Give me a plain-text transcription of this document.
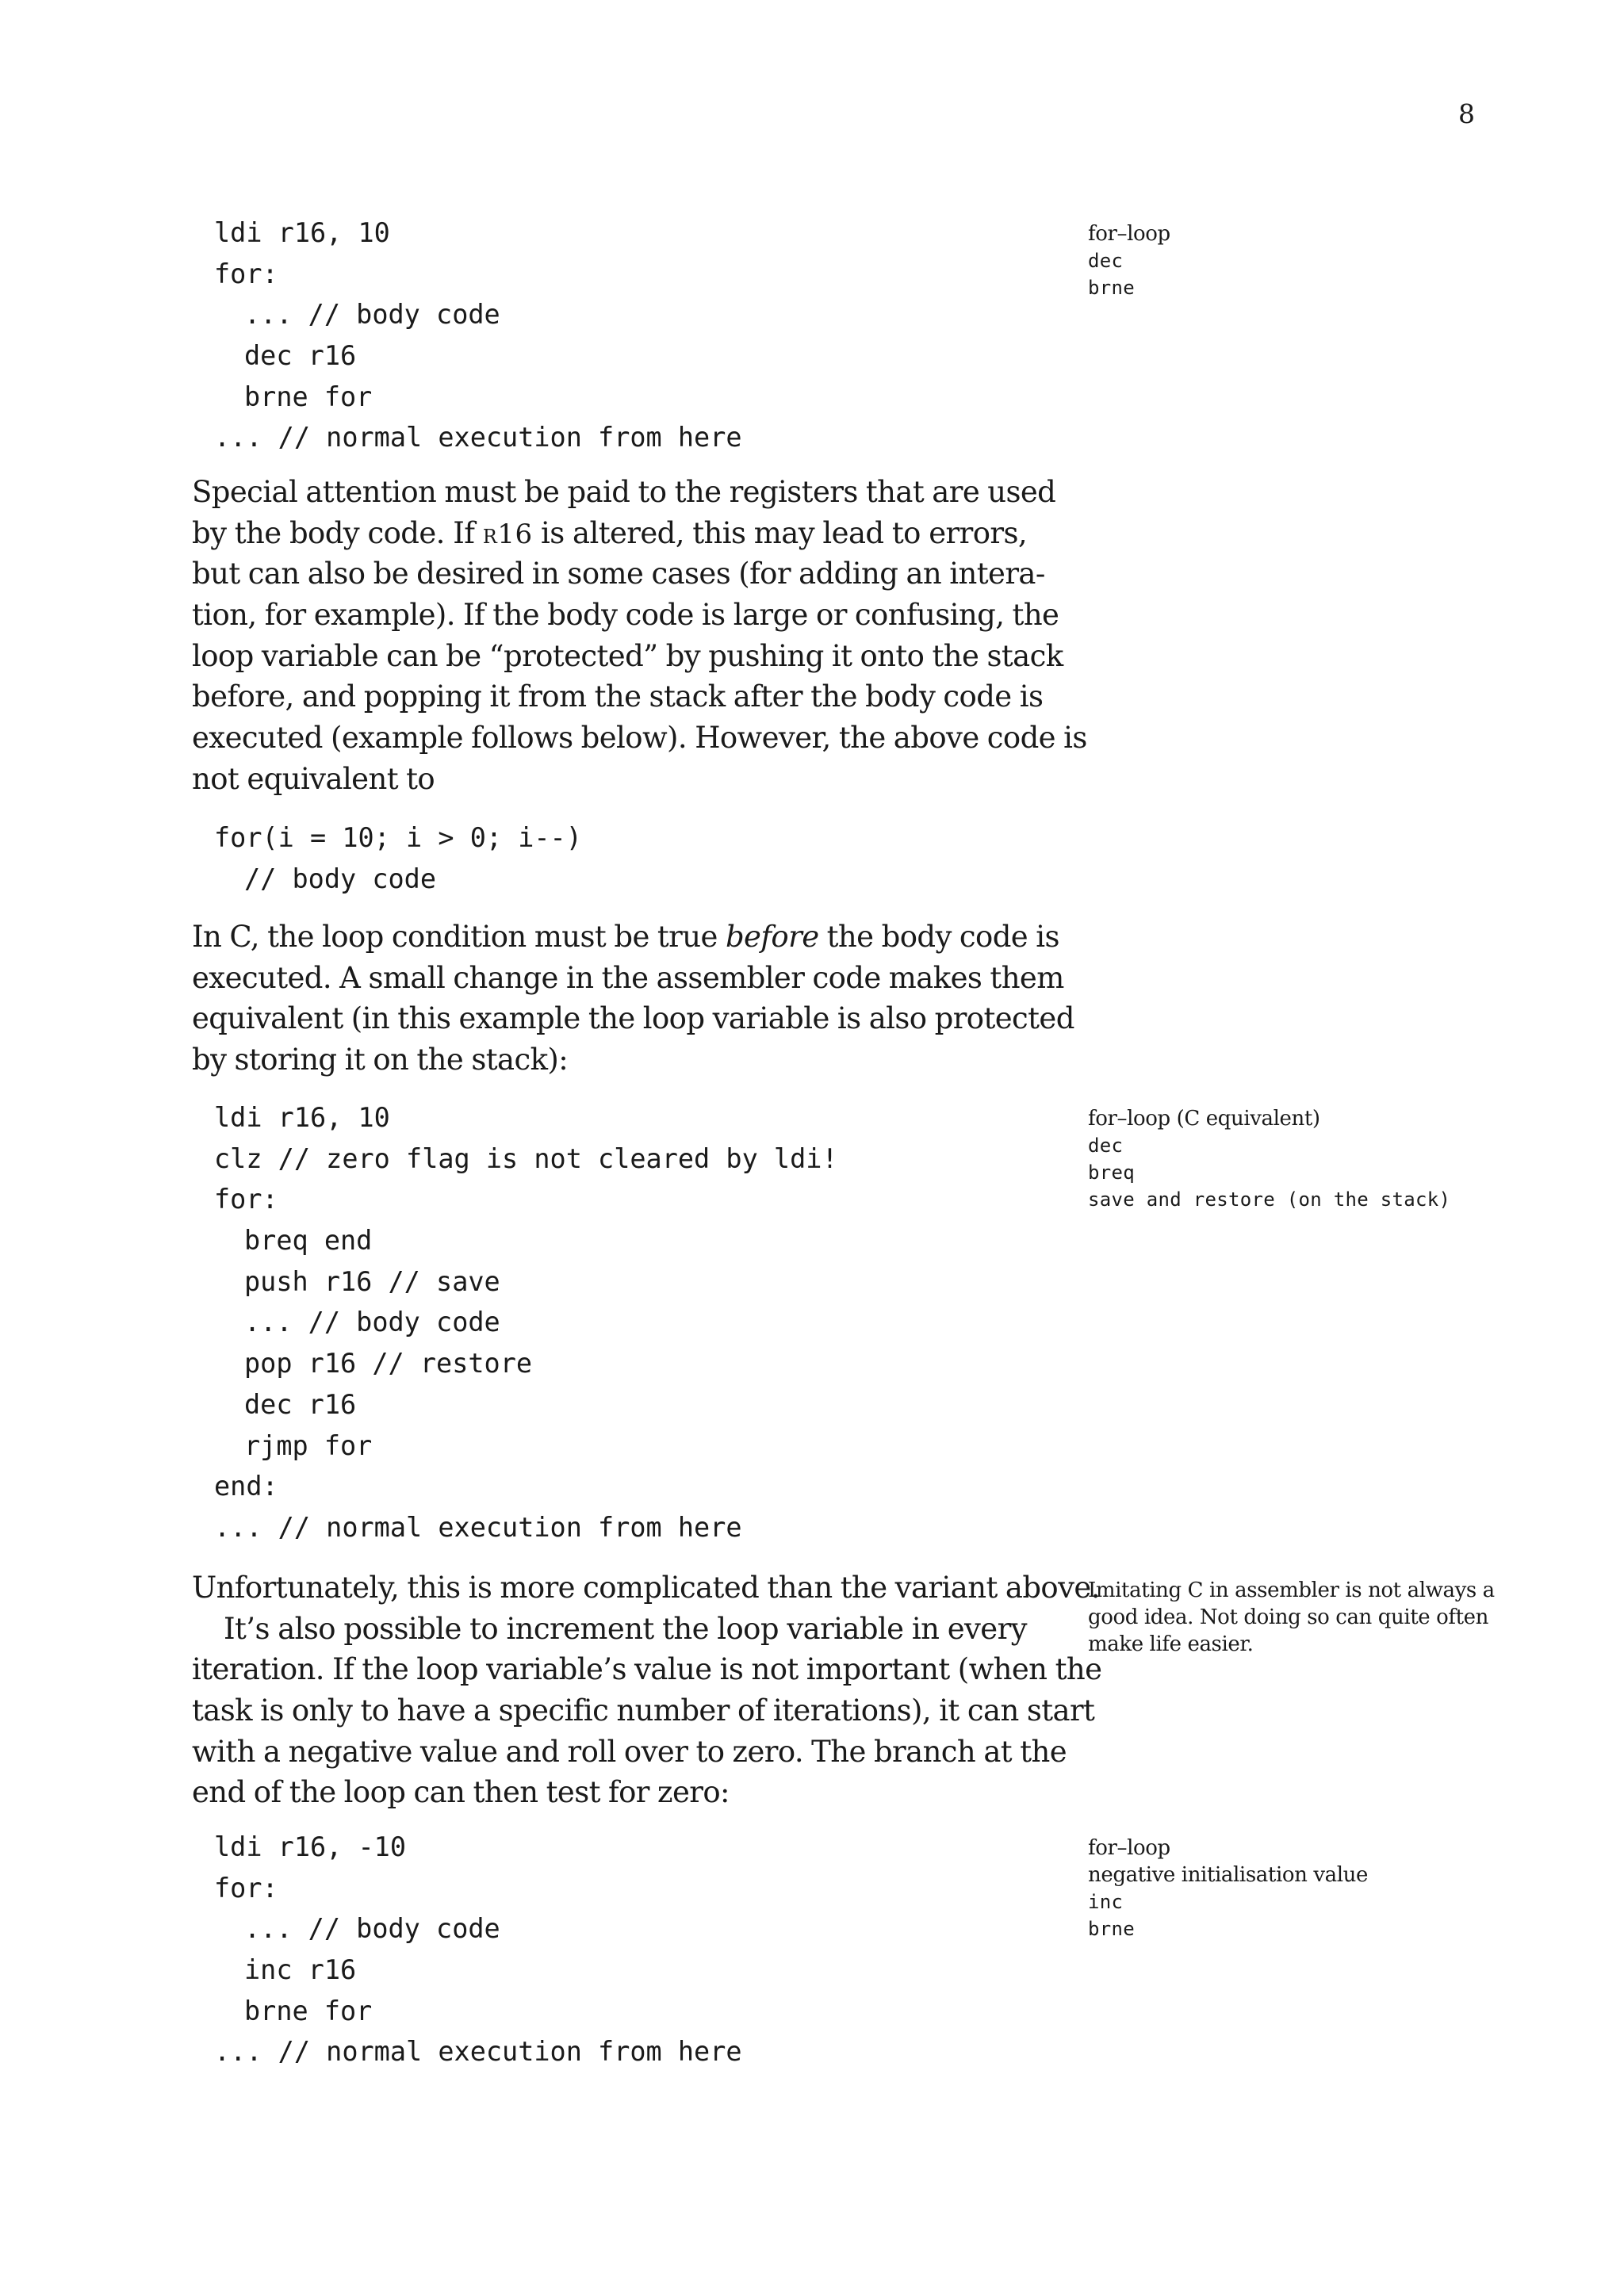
8
ldi r16, 10
for:
... // body code
dec r16
brne for
... // normal execution from here
for–loop
dec
brne
Special attention must be paid to the registers that are used
by the body code. If r16 is altered, this may lead to errors,
but can also be desired in some cases (for adding an intera-
tion, for example). If the body code is large or confusing, the
loop variable can be “protected” by pushing it onto the stack
before, and popping it from the stack after the body code is
executed (example follows below). However, the above code is
not equivalent to
for(i = 10; i > 0; i--)
// body code
In C, the loop condition must be true before the body code is
executed. A small change in the assembler code makes them
equivalent (in this example the loop variable is also protected
by storing it on the stack):
ldi r16, 10
clz // zero flag is not cleared by ldi!
for:
breq end
push r16 // save
... // body code
pop r16 // restore
dec r16
rjmp for
end:
... // normal execution from here
for–loop (C equivalent)
dec
breq
save and restore (on the stack)
Unfortunately, this is more complicated than the variant above.
It’s also possible to increment the loop variable in every
iteration. If the loop variable’s value is not important (when the
task is only to have a specific number of iterations), it can start
with a negative value and roll over to zero. The branch at the
end of the loop can then test for zero:
Imitating C in assembler is not always a
good idea. Not doing so can quite often
make life easier.
ldi r16, -10
for:
... // body code
inc r16
brne for
... // normal execution from here
for–loop
negative initialisation value
inc
brne
